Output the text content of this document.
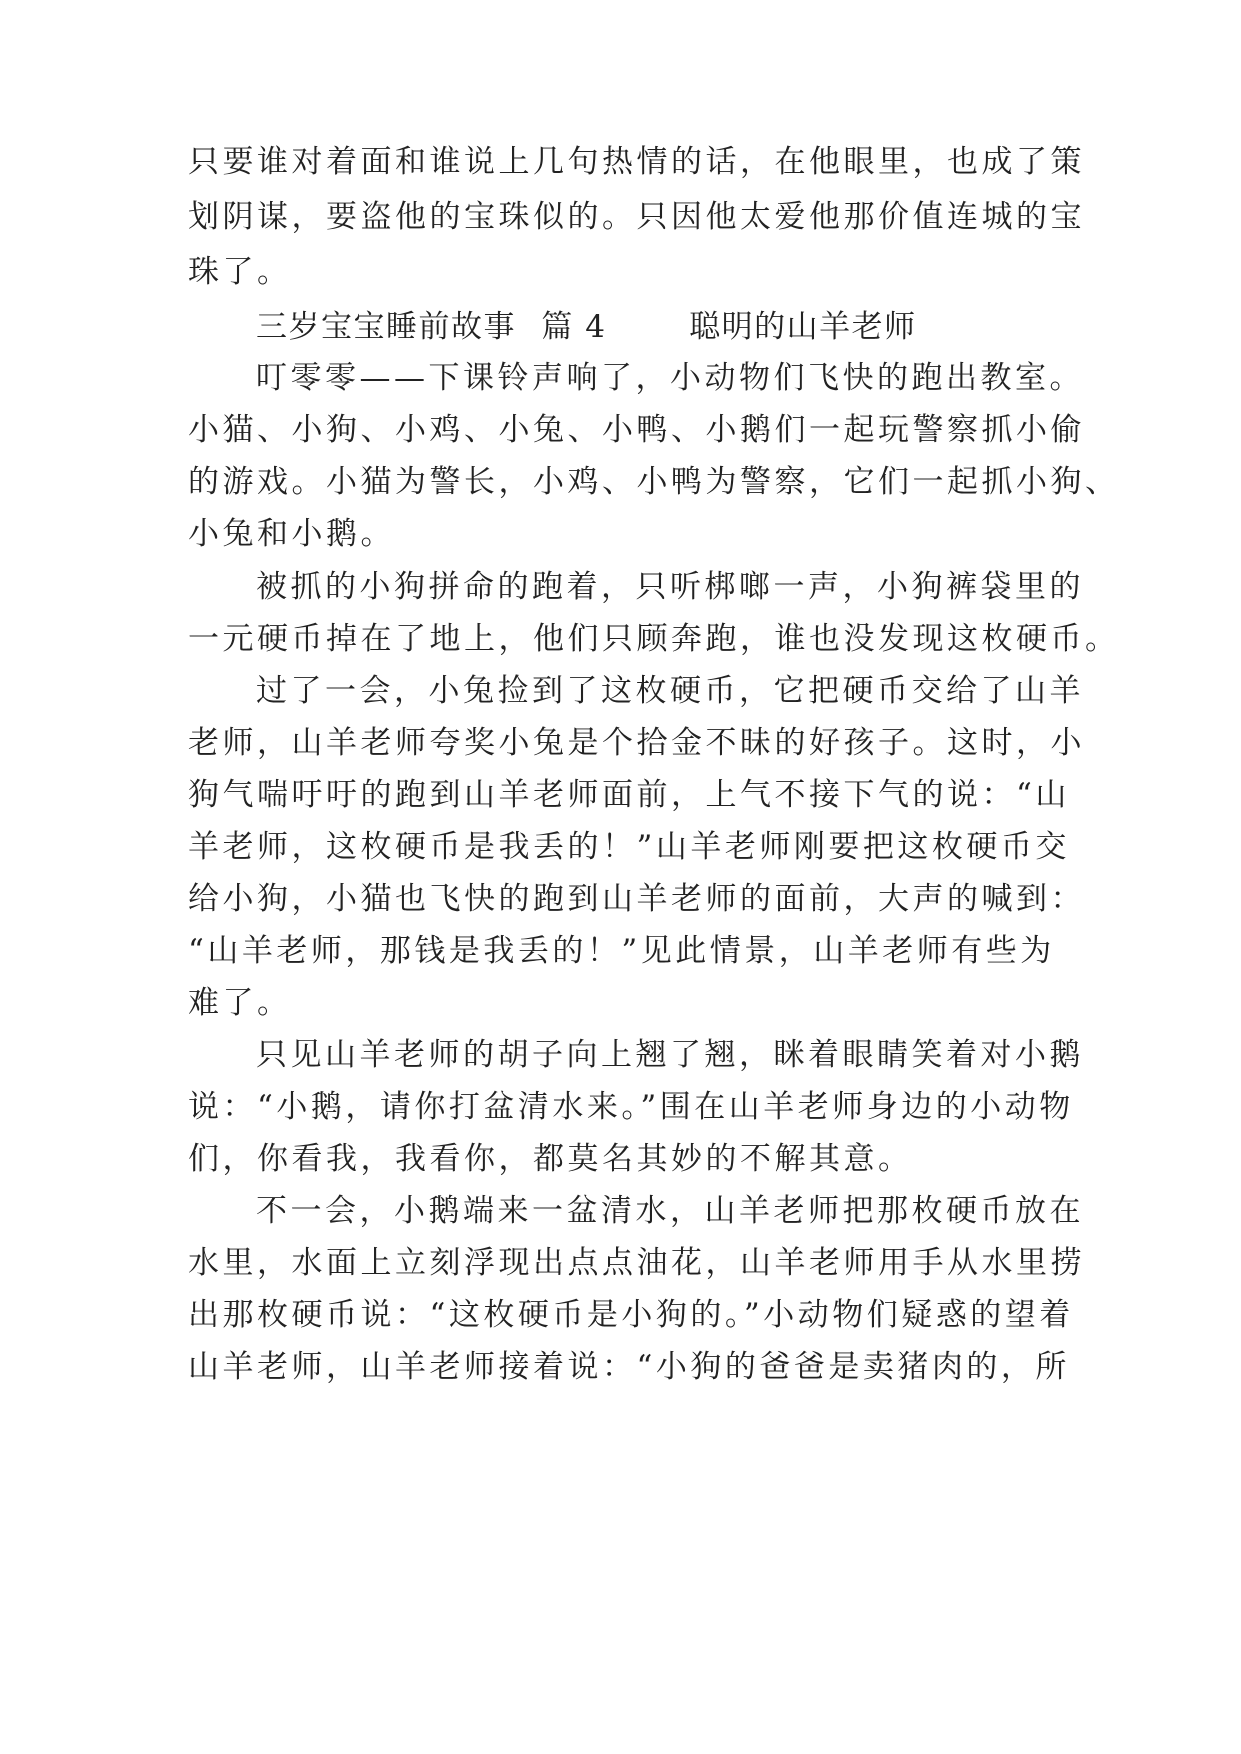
只要谁对着面和谁说上几句热情的话，在他眼里，也成了策
划阴谋，要盗他的宝珠似的。只因他太爱他那价值连城的宝
珠了。
三岁宝宝睡前故事 篇 4	聪明的山羊老师
叮零零——下课铃声响了，小动物们飞快的跑出教室。
小猫、小狗、小鸡、小兔、小鸭、小鹅们一起玩警察抓小偷
的游戏。小猫为警长，小鸡、小鸭为警察，它们一起抓小狗、
小兔和小鹅。
被抓的小狗拼命的跑着，只听梆啷一声，小狗裤袋里的
一元硬币掉在了地上，他们只顾奔跑，谁也没发现这枚硬币。
过了一会，小兔捡到了这枚硬币，它把硬币交给了山羊
老师，山羊老师夸奖小兔是个拾金不昧的好孩子。这时，小
狗气喘吁吁的跑到山羊老师面前，上气不接下气的说：“山
羊老师，这枚硬币是我丢的！”山羊老师刚要把这枚硬币交
给小狗，小猫也飞快的跑到山羊老师的面前，大声的喊到：
“山羊老师，那钱是我丢的！”见此情景，山羊老师有些为
难了。
只见山羊老师的胡子向上翘了翘，眯着眼睛笑着对小鹅
说：“小鹅，请你打盆清水来。”围在山羊老师身边的小动物
们，你看我，我看你，都莫名其妙的不解其意。
不一会，小鹅端来一盆清水，山羊老师把那枚硬币放在
水里，水面上立刻浮现出点点油花，山羊老师用手从水里捞
出那枚硬币说：“这枚硬币是小狗的。”小动物们疑惑的望着
山羊老师，山羊老师接着说：“小狗的爸爸是卖猪肉的，所
